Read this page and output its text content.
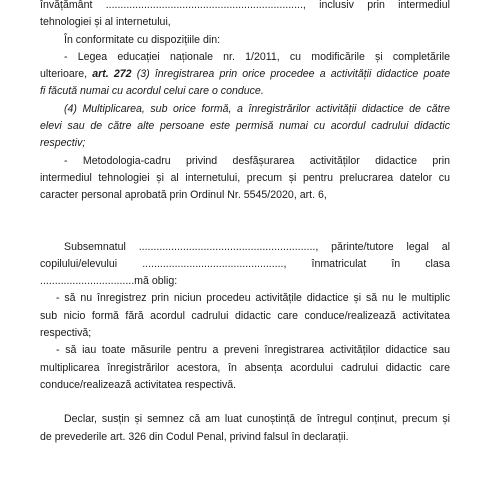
învățământ ..................................................................., inclusiv prin intermediul
tehnologiei și al internetului,
În conformitate cu dispozițiile din:
- Legea educației naționale nr. 1/2011, cu modificările și completările
ulterioare, art. 272 (3) înregistrarea prin orice procedee a activității didactice poate
fi făcută numai cu acordul celui care o conduce.
(4) Multiplicarea, sub orice formă, a înregistrărilor activității didactice de către
elevi sau de către alte persoane este permisă numai cu acordul cadrului didactic
respectiv;
- Metodologia-cadru privind desfășurarea activităților didactice prin
intermediul tehnologiei și al internetului, precum și pentru prelucrarea datelor cu
caracter personal aprobată prin Ordinul Nr. 5545/2020, art. 6,
Subsemnatul ............................................................, părinte/tutore legal al
copilului/elevului ................................................, înmatriculat în clasa
................................mă oblig:
- să nu înregistrez prin niciun procedeu activitățile didactice și să nu le multiplic
sub nicio formă fără acordul cadrului didactic care conduce/realizează activitatea
respectivă;
- să iau toate măsurile pentru a preveni înregistrarea activităților didactice sau
multiplicarea înregistrărilor acestora, în absența acordului cadrului didactic care
conduce/realizează activitatea respectivă.
Declar, susțin și semnez că am luat cunoștință de întregul conținut, precum și
de prevederile art. 326 din Codul Penal, privind falsul în declarații.
